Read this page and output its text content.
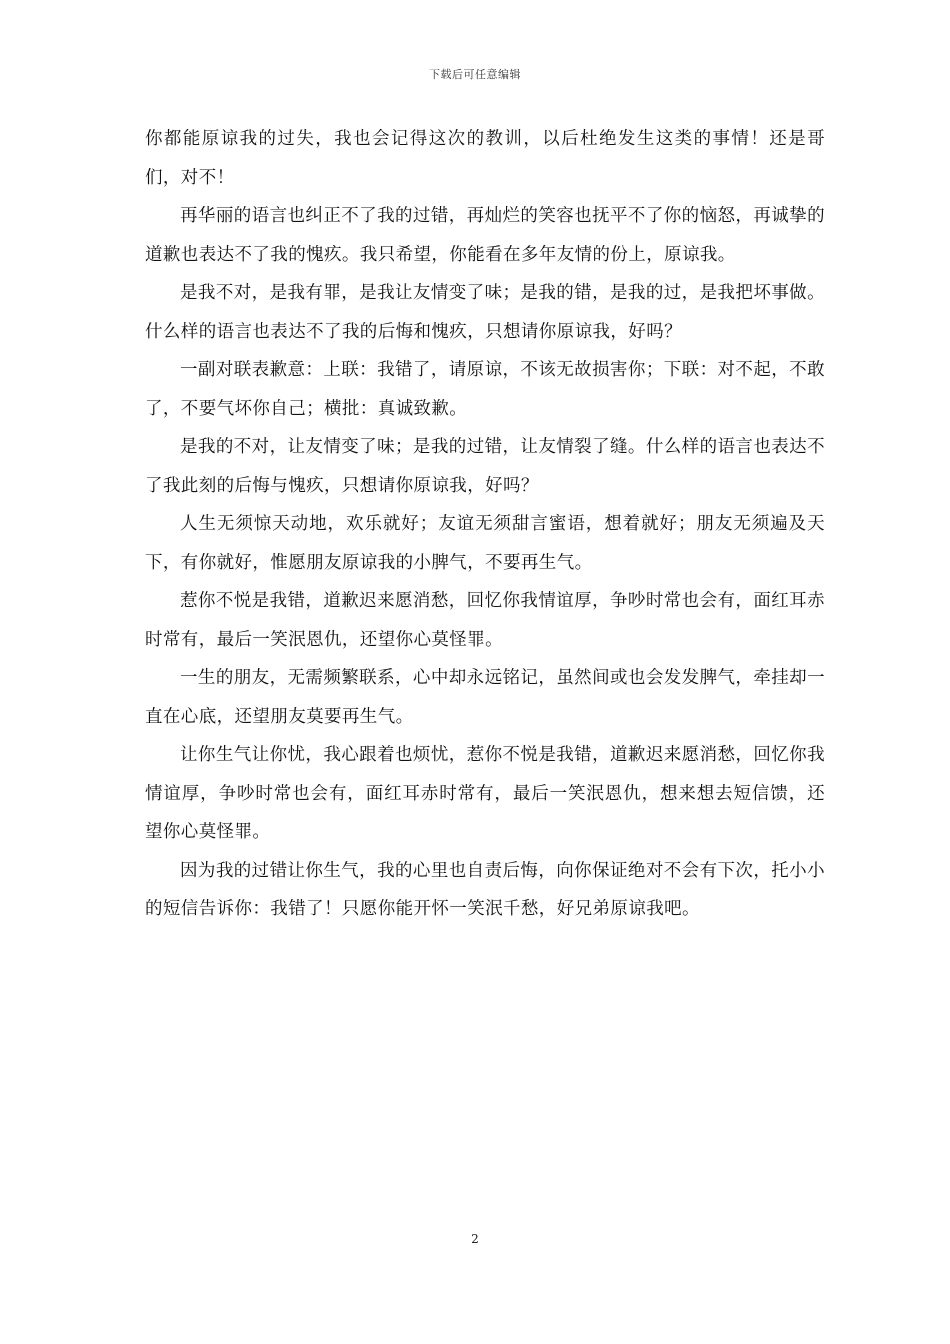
下载后可任意编辑

你都能原谅我的过失，我也会记得这次的教训，以后杜绝发生这类的事情！还是哥们，对不！

再华丽的语言也纠正不了我的过错，再灿烂的笑容也抚平不了你的恼怒，再诚挚的道歉也表达不了我的愧疚。我只希望，你能看在多年友情的份上，原谅我。

是我不对，是我有罪，是我让友情变了味；是我的错，是我的过，是我把坏事做。什么样的语言也表达不了我的后悔和愧疚，只想请你原谅我，好吗？

一副对联表歉意：上联：我错了，请原谅，不该无故损害你；下联：对不起，不敢了，不要气坏你自己；横批：真诚致歉。

是我的不对，让友情变了味；是我的过错，让友情裂了缝。什么样的语言也表达不了我此刻的后悔与愧疚，只想请你原谅我，好吗？

人生无须惊天动地，欢乐就好；友谊无须甜言蜜语，想着就好；朋友无须遍及天下，有你就好，惟愿朋友原谅我的小脾气，不要再生气。

惹你不悦是我错，道歉迟来愿消愁，回忆你我情谊厚，争吵时常也会有，面红耳赤时常有，最后一笑泯恩仇，还望你心莫怪罪。

一生的朋友，无需频繁联系，心中却永远铭记，虽然间或也会发发脾气，牵挂却一直在心底，还望朋友莫要再生气。

让你生气让你忧，我心跟着也烦忧，惹你不悦是我错，道歉迟来愿消愁，回忆你我情谊厚，争吵时常也会有，面红耳赤时常有，最后一笑泯恩仇，想来想去短信馈，还望你心莫怪罪。

因为我的过错让你生气，我的心里也自责后悔，向你保证绝对不会有下次，托小小的短信告诉你：我错了！只愿你能开怀一笑泯千愁，好兄弟原谅我吧。

2
